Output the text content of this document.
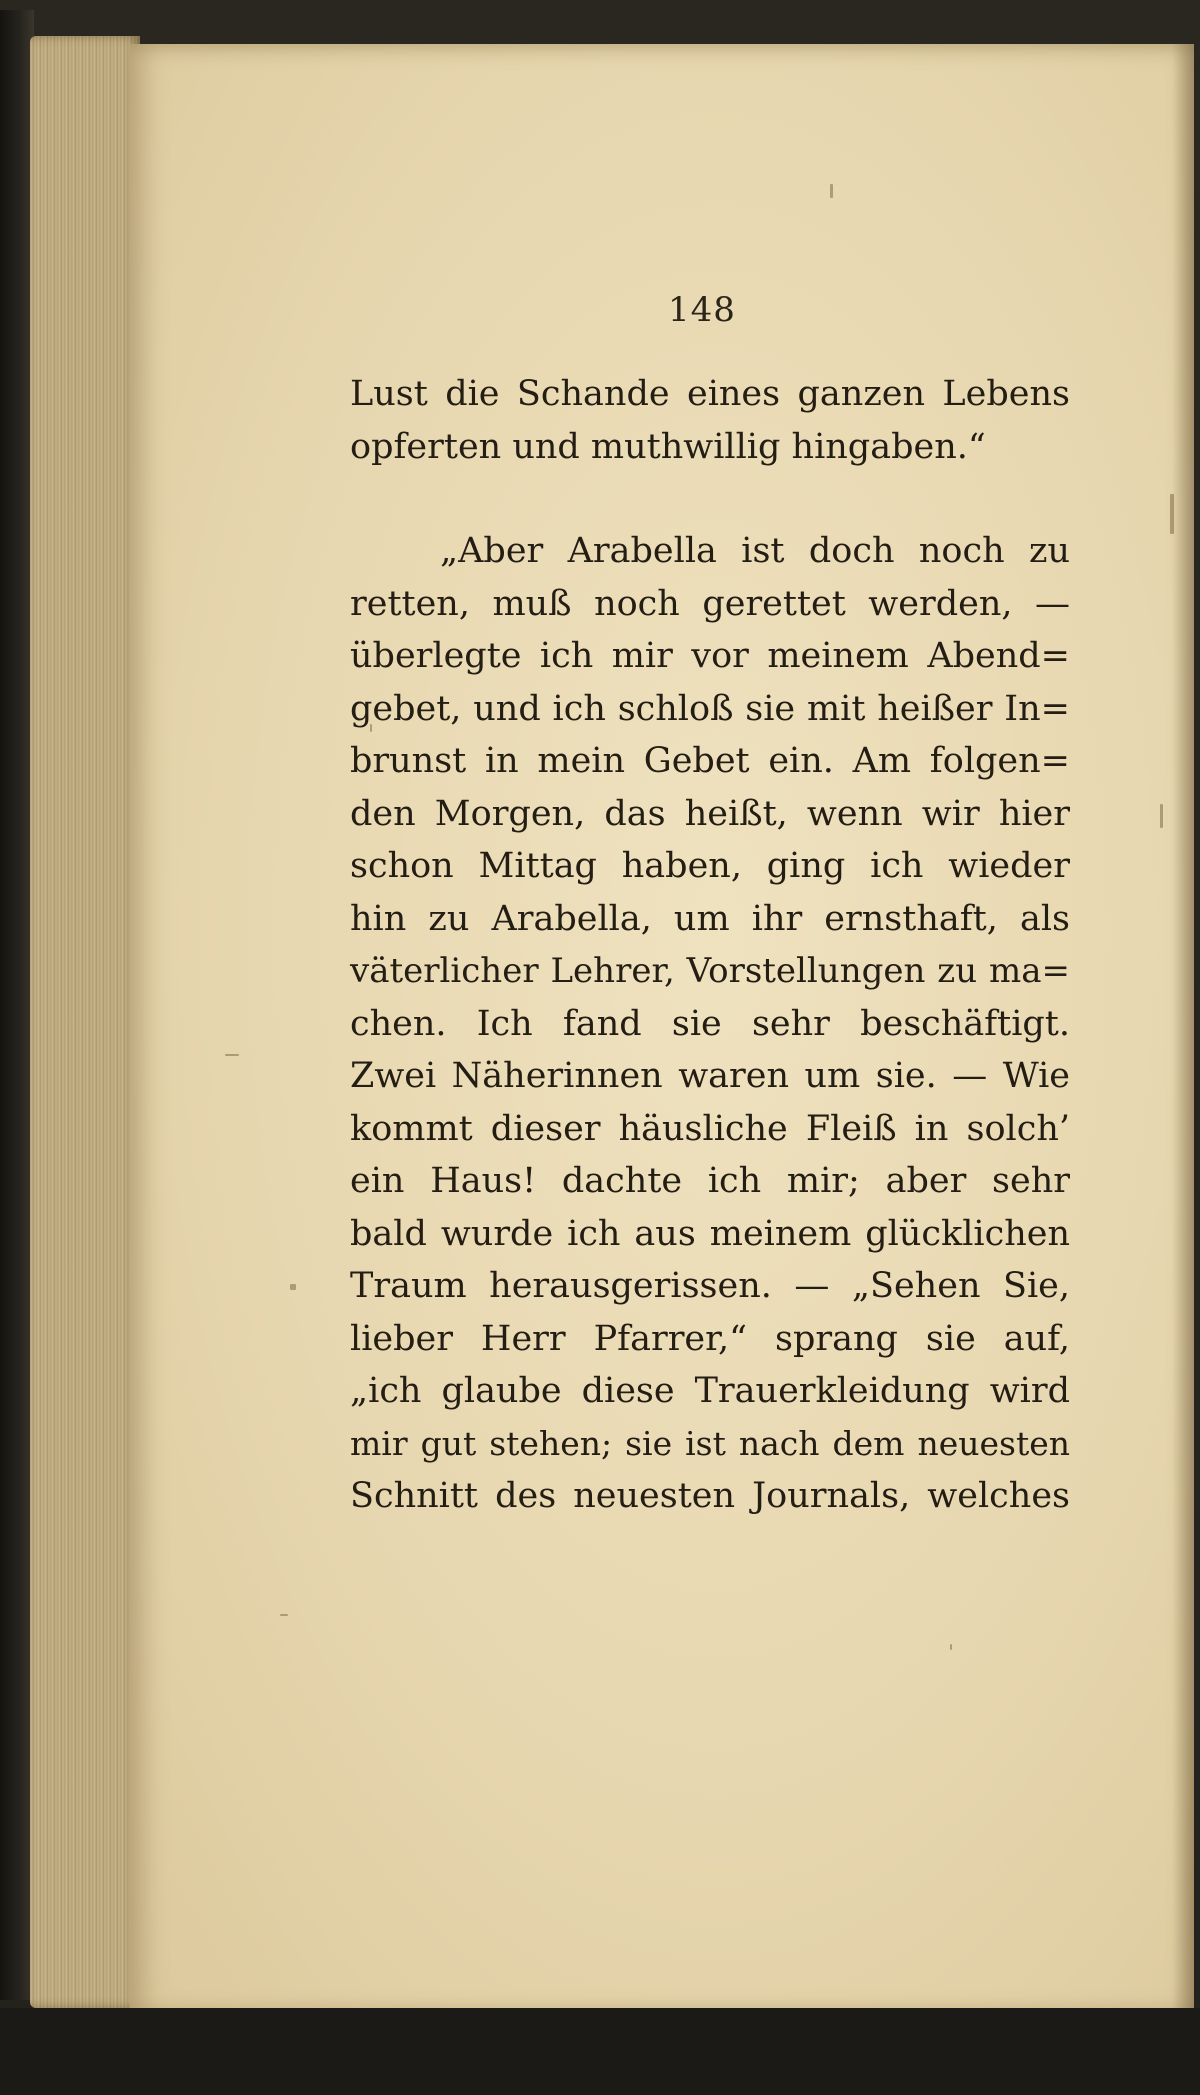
148
Lust die Schande eines ganzen Lebens
opferten und muthwillig hingaben.“
„Aber Arabella ist doch noch zu
retten, muß noch gerettet werden, —
überlegte ich mir vor meinem Abend=
gebet, und ich schloß sie mit heißer In=
brunst in mein Gebet ein. Am folgen=
den Morgen, das heißt, wenn wir hier
schon Mittag haben, ging ich wieder
hin zu Arabella, um ihr ernsthaft, als
väterlicher Lehrer, Vorstellungen zu ma=
chen. Ich fand sie sehr beschäftigt.
Zwei Näherinnen waren um sie. — Wie
kommt dieser häusliche Fleiß in solch’
ein Haus! dachte ich mir; aber sehr
bald wurde ich aus meinem glücklichen
Traum herausgerissen. — „Sehen Sie,
lieber Herr Pfarrer,“ sprang sie auf,
„ich glaube diese Trauerkleidung wird
mir gut stehen; sie ist nach dem neuesten
Schnitt des neuesten Journals, welches
